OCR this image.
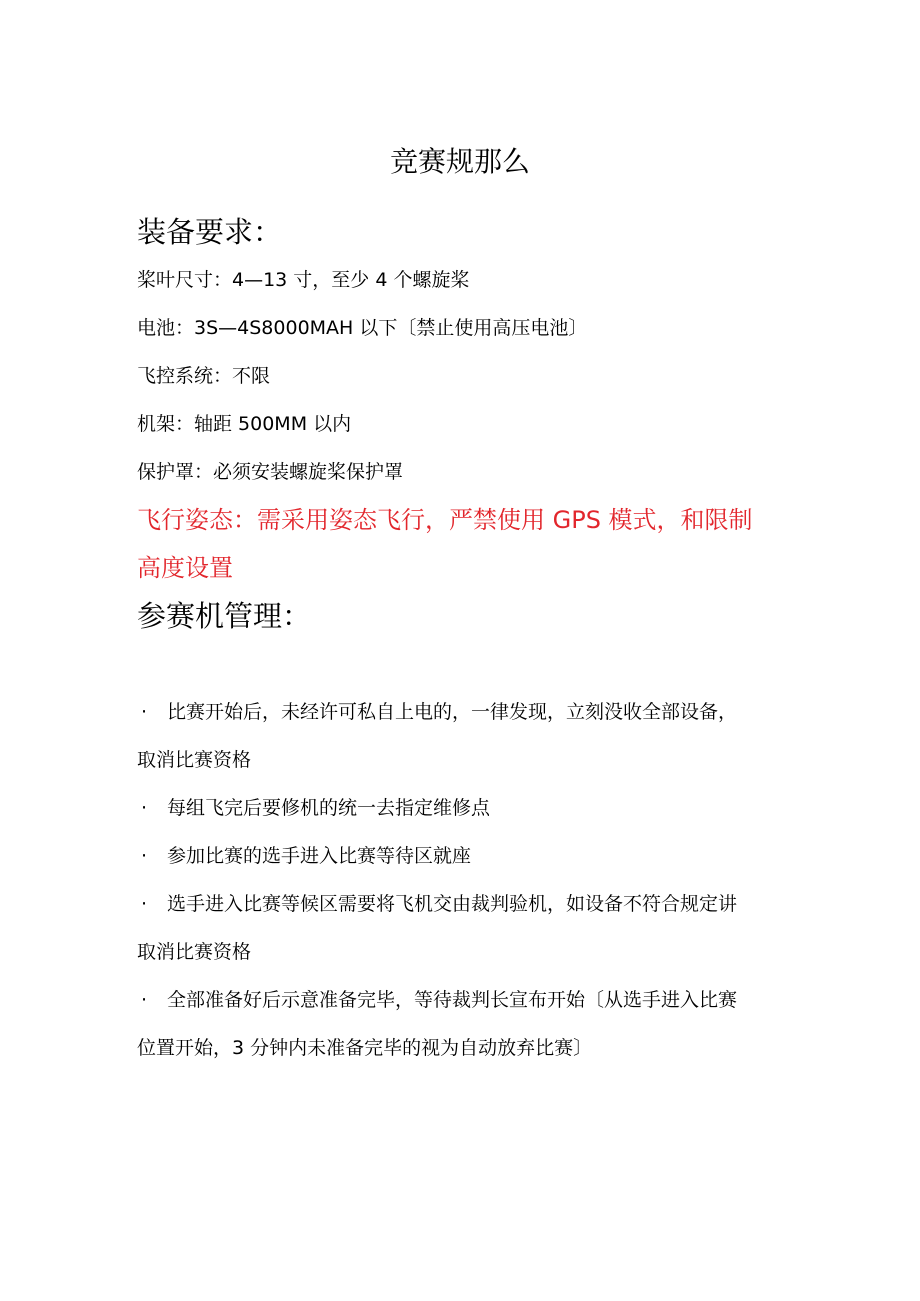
竞赛规那么

装备要求：

桨叶尺寸：4—13 寸，至少 4 个螺旋桨

电池：3S—4S8000MAH 以下〔禁止使用高压电池〕

飞控系统：不限

机架：轴距 500MM 以内

保护罩：必须安装螺旋桨保护罩

飞行姿态：需采用姿态飞行，严禁使用 GPS 模式，和限制

高度设置

参赛机管理：

· 比赛开始后，未经许可私自上电的，一律发现，立刻没收全部设备，

取消比赛资格

· 每组飞完后要修机的统一去指定维修点

· 参加比赛的选手进入比赛等待区就座

· 选手进入比赛等候区需要将飞机交由裁判验机，如设备不符合规定讲

取消比赛资格

· 全部准备好后示意准备完毕，等待裁判长宣布开始〔从选手进入比赛

位置开始，3 分钟内未准备完毕的视为自动放弃比赛〕
